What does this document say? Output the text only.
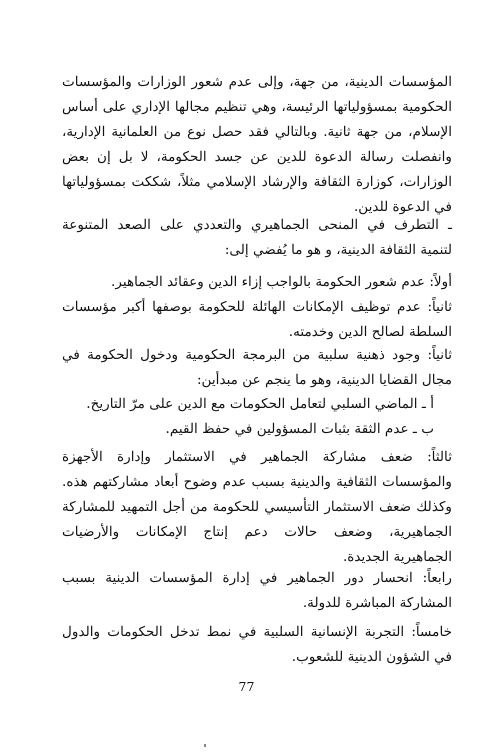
المؤسسات الدينية، من جهة، وإلى عدم شعور الوزارات والمؤسسات
الحكومية بمسؤولياتها الرئيسة، وهي تنظيم مجالها الإداري على أساس
الإسلام، من جهة ثانية. وبالتالي فقد حصل نوع من العلمانية الإدارية،
وانفصلت رسالة الدعوة للدين عن جسد الحكومة، لا بل إن بعض
الوزارات، كوزارة الثقافة والإرشاد الإسلامي مثلاً، شككت بمسؤولياتها
في الدعوة للدين.

ـ التطرف في المنحى الجماهيري والتعددي على الصعد المتنوعة
لتنمية الثقافة الدينية، و هو ما يُفضي إلى:

أولاً: عدم شعور الحكومة بالواجب إزاء الدين وعقائد الجماهير.
ثانياً: عدم توظيف الإمكانات الهائلة للحكومة بوصفها أكبر مؤسسات
السلطة لصالح الدين وخدمته.

ثانياً: وجود ذهنية سلبية من البرمجة الحكومية ودخول الحكومة في
مجال القضايا الدينية، وهو ما ينجم عن مبدأين:

أ ـ الماضي السلبي لتعامل الحكومات مع الدين على مرّ التاريخ.
ب ـ عدم الثقة بثبات المسؤولين في حفظ القيم.

ثالثاً: ضعف مشاركة الجماهير في الاستثمار وإدارة الأجهزة
والمؤسسات الثقافية والدينية بسبب عدم وضوح أبعاد مشاركتهم هذه.
وكذلك ضعف الاستثمار التأسيسي للحكومة من أجل التمهيد للمشاركة
الجماهيرية، وضعف حالات دعم إنتاج الإمكانات والأرضيات
الجماهيرية الجديدة.

رابعاً: انحسار دور الجماهير في إدارة المؤسسات الدينية بسبب
المشاركة المباشرة للدولة.

خامساً: التجربة الإنسانية السلبية في نمط تدخل الحكومات والدول
في الشؤون الدينية للشعوب.

77
